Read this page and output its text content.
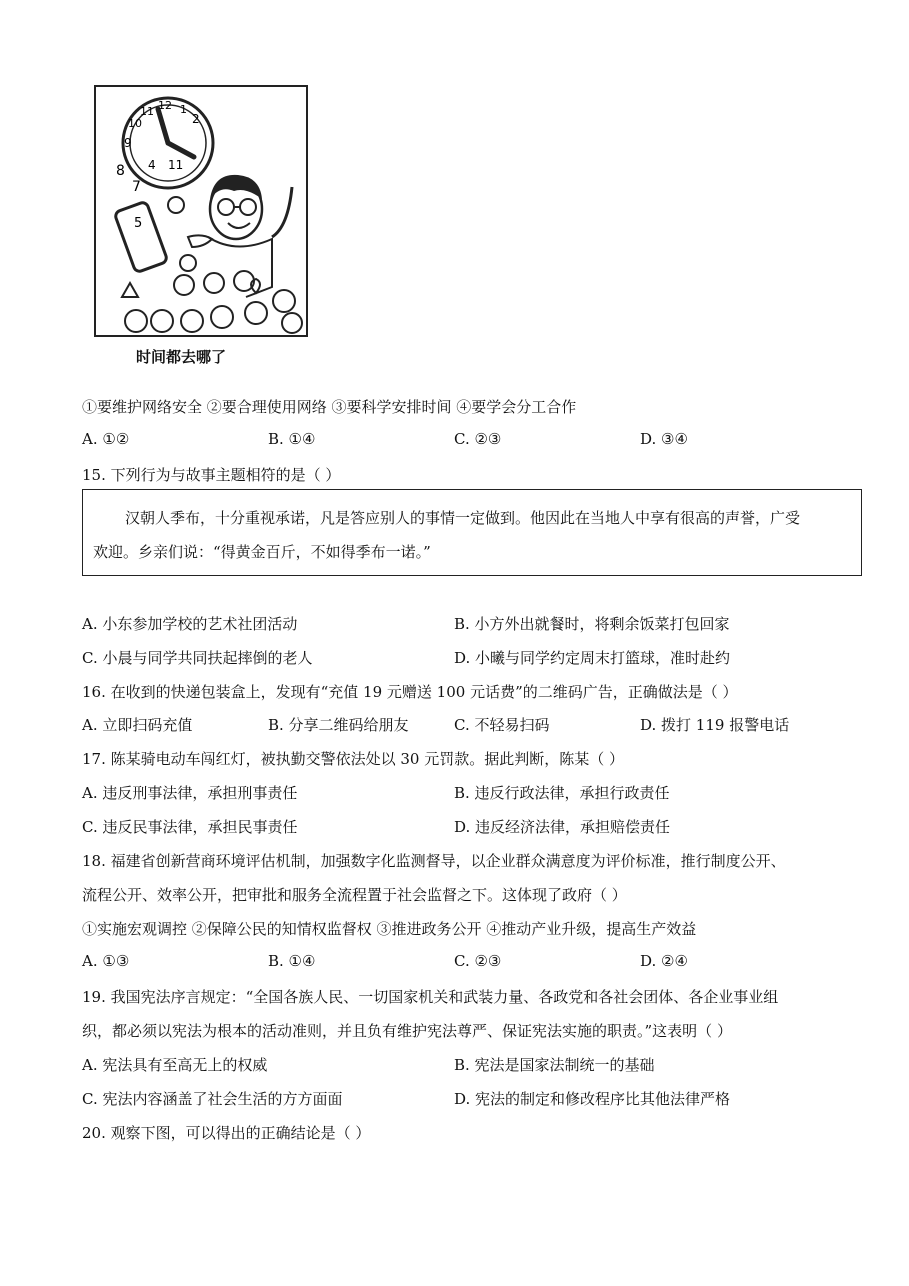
2
10
11 12 1
9
8
7
4 11
5
时间都去哪了
①要维护网络安全 ②要合理使用网络 ③要科学安排时间 ④要学会分工合作
A. ①②	B. ①④	C. ②③	D. ③④
15. 下列行为与故事主题相符的是（ ）
汉朝人季布，十分重视承诺，凡是答应别人的事情一定做到。他因此在当地人中享有很高的声誉，广受
欢迎。乡亲们说：“得黄金百斤，不如得季布一诺。”
A. 小东参加学校的艺术社团活动	B. 小方外出就餐时，将剩余饭菜打包回家
C. 小晨与同学共同扶起摔倒的老人	D. 小曦与同学约定周末打篮球，准时赴约
16. 在收到的快递包装盒上，发现有“充值 19 元赠送 100 元话费”的二维码广告，正确做法是（ ）
A. 立即扫码充值	B. 分享二维码给朋友	C. 不轻易扫码	D. 拨打 119 报警电话
17. 陈某骑电动车闯红灯，被执勤交警依法处以 30 元罚款。据此判断，陈某（ ）
A. 违反刑事法律，承担刑事责任	B. 违反行政法律，承担行政责任
C. 违反民事法律，承担民事责任	D. 违反经济法律，承担赔偿责任
18. 福建省创新营商环境评估机制，加强数字化监测督导，以企业群众满意度为评价标准，推行制度公开、
流程公开、效率公开，把审批和服务全流程置于社会监督之下。这体现了政府（ ）
①实施宏观调控 ②保障公民的知情权监督权 ③推进政务公开 ④推动产业升级，提高生产效益
A. ①③	B. ①④	C. ②③	D. ②④
19. 我国宪法序言规定：“全国各族人民、一切国家机关和武装力量、各政党和各社会团体、各企业事业组
织，都必须以宪法为根本的活动准则，并且负有维护宪法尊严、保证宪法实施的职责。”这表明（ ）
A. 宪法具有至高无上的权威	B. 宪法是国家法制统一的基础
C. 宪法内容涵盖了社会生活的方方面面	D. 宪法的制定和修改程序比其他法律严格
20. 观察下图，可以得出的正确结论是（ ）
